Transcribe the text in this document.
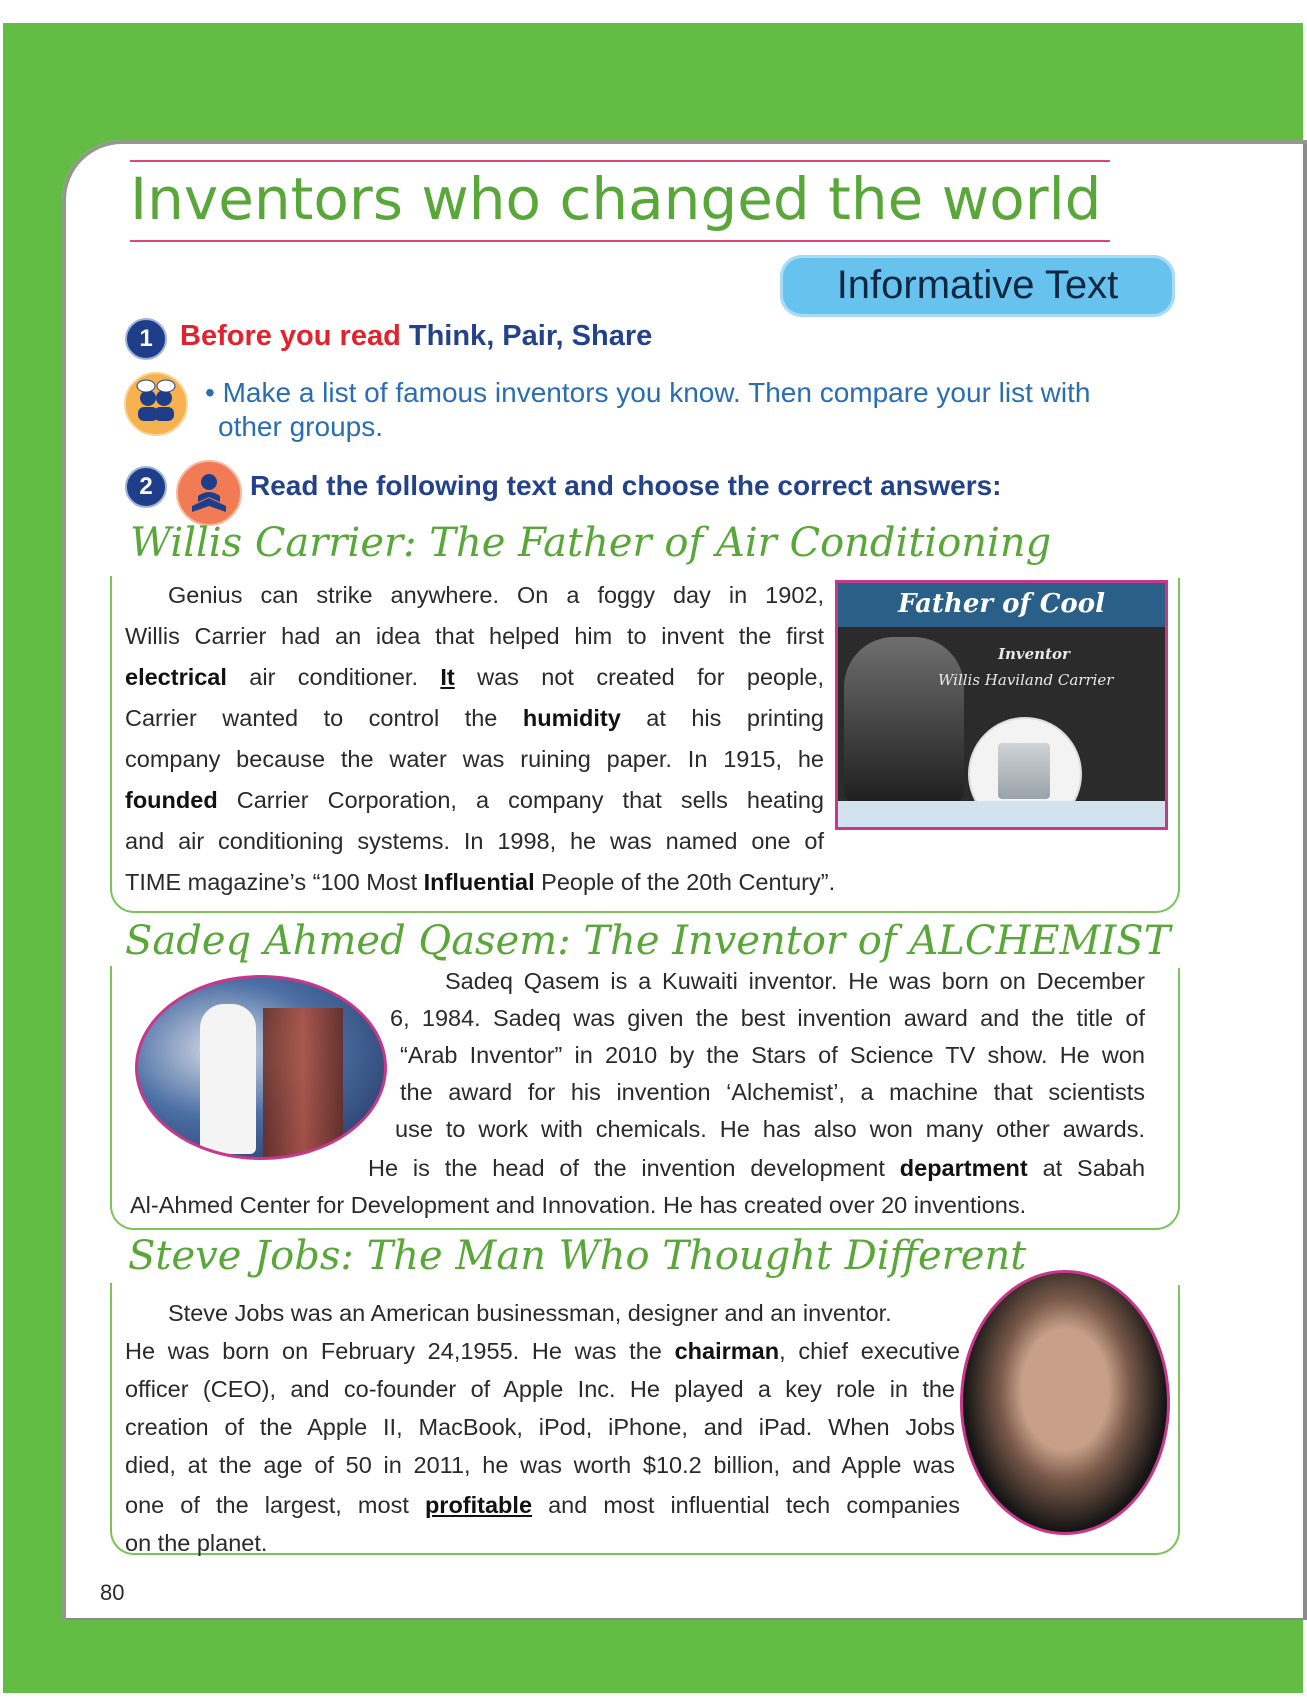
Inventors who changed the world
Informative Text
1 Before you read Think, Pair, Share
• Make a list of famous inventors you know. Then compare your list with
other groups.
2	Read the following text and choose the correct answers:
Willis Carrier: The Father of Air Conditioning
Father of Cool
Inventor
Willis Haviland Carrier
Genius can strike anywhere. On a foggy day in 1902,
Willis Carrier had an idea that helped him to invent the first
electrical air conditioner. It was not created for people,
Carrier wanted to control the humidity at his printing
company because the water was ruining paper. In 1915, he
founded Carrier Corporation, a company that sells heating
and air conditioning systems. In 1998, he was named one of
TIME magazine’s “100 Most Influential People of the 20th Century”.
Sadeq Ahmed Qasem: The Inventor of ALCHEMIST
Sadeq Qasem is a Kuwaiti inventor. He was born on December
6, 1984. Sadeq was given the best invention award and the title of
“Arab Inventor” in 2010 by the Stars of Science TV show. He won
the award for his invention ‘Alchemist’, a machine that scientists
use to work with chemicals. He has also won many other awards.
He is the head of the invention development department at Sabah
Al-Ahmed Center for Development and Innovation. He has created over 20 inventions.
Steve Jobs: The Man Who Thought Different
Steve Jobs was an American businessman, designer and an inventor.
He was born on February 24,1955. He was the chairman, chief executive
officer (CEO), and co-founder of Apple Inc. He played a key role in the
creation of the Apple II, MacBook, iPod, iPhone, and iPad. When Jobs
died, at the age of 50 in 2011, he was worth $10.2 billion, and Apple was
one of the largest, most profitable and most influential tech companies
on the planet.
80
